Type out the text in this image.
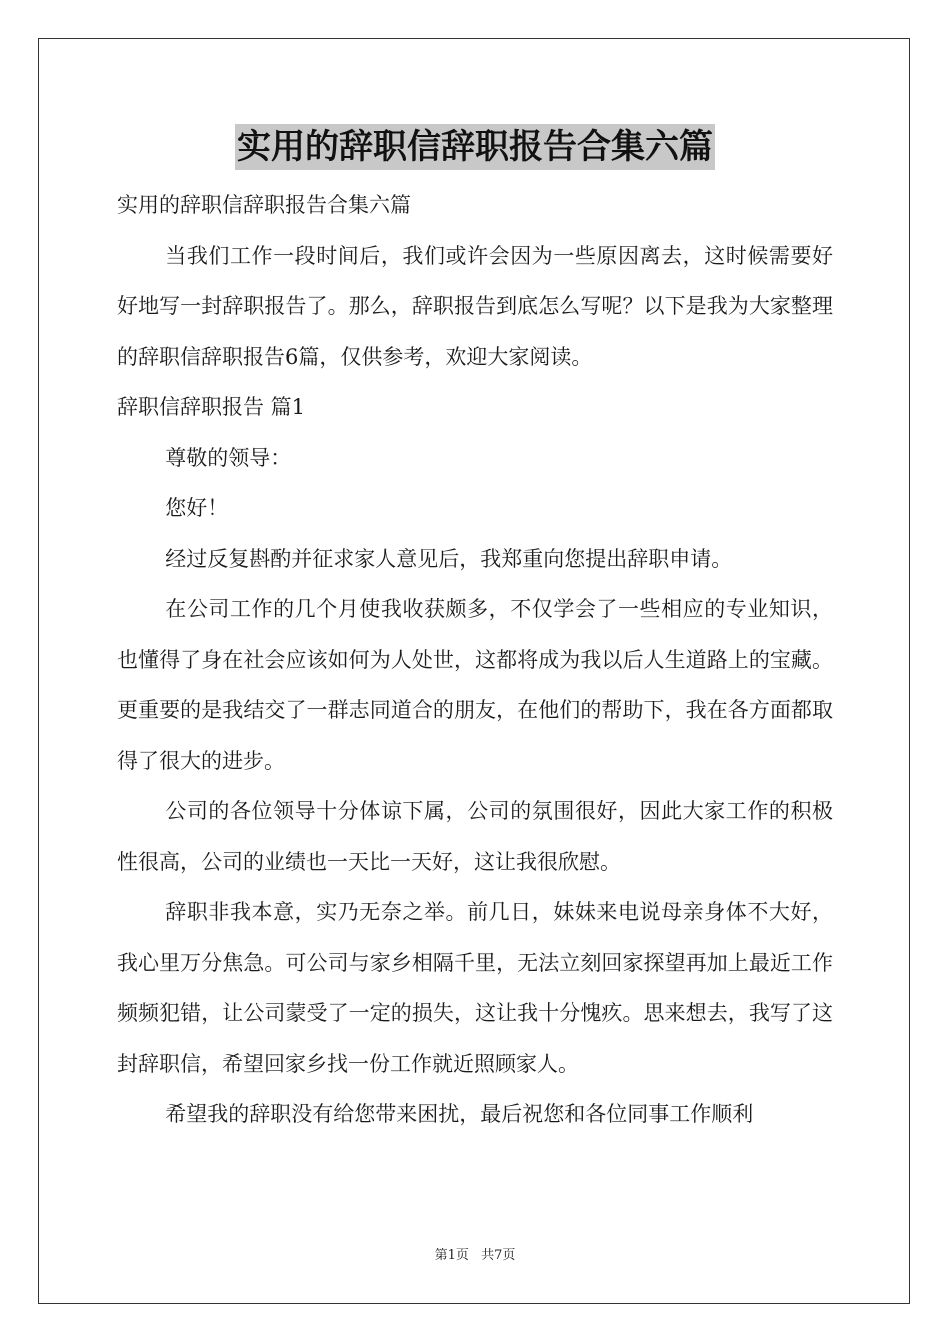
实用的辞职信辞职报告合集六篇

实用的辞职信辞职报告合集六篇

当我们工作一段时间后，我们或许会因为一些原因离去，这时候需要好好地写一封辞职报告了。那么，辞职报告到底怎么写呢？以下是我为大家整理的辞职信辞职报告6篇，仅供参考，欢迎大家阅读。

辞职信辞职报告 篇1

尊敬的领导：

您好！

经过反复斟酌并征求家人意见后，我郑重向您提出辞职申请。

在公司工作的几个月使我收获颇多，不仅学会了一些相应的专业知识，也懂得了身在社会应该如何为人处世，这都将成为我以后人生道路上的宝藏。更重要的是我结交了一群志同道合的朋友，在他们的帮助下，我在各方面都取得了很大的进步。

公司的各位领导十分体谅下属，公司的氛围很好，因此大家工作的积极性很高，公司的业绩也一天比一天好，这让我很欣慰。

辞职非我本意，实乃无奈之举。前几日，妹妹来电说母亲身体不大好，我心里万分焦急。可公司与家乡相隔千里，无法立刻回家探望再加上最近工作频频犯错，让公司蒙受了一定的损失，这让我十分愧疚。思来想去，我写了这封辞职信，希望回家乡找一份工作就近照顾家人。

希望我的辞职没有给您带来困扰，最后祝您和各位同事工作顺利

第1页 共7页
